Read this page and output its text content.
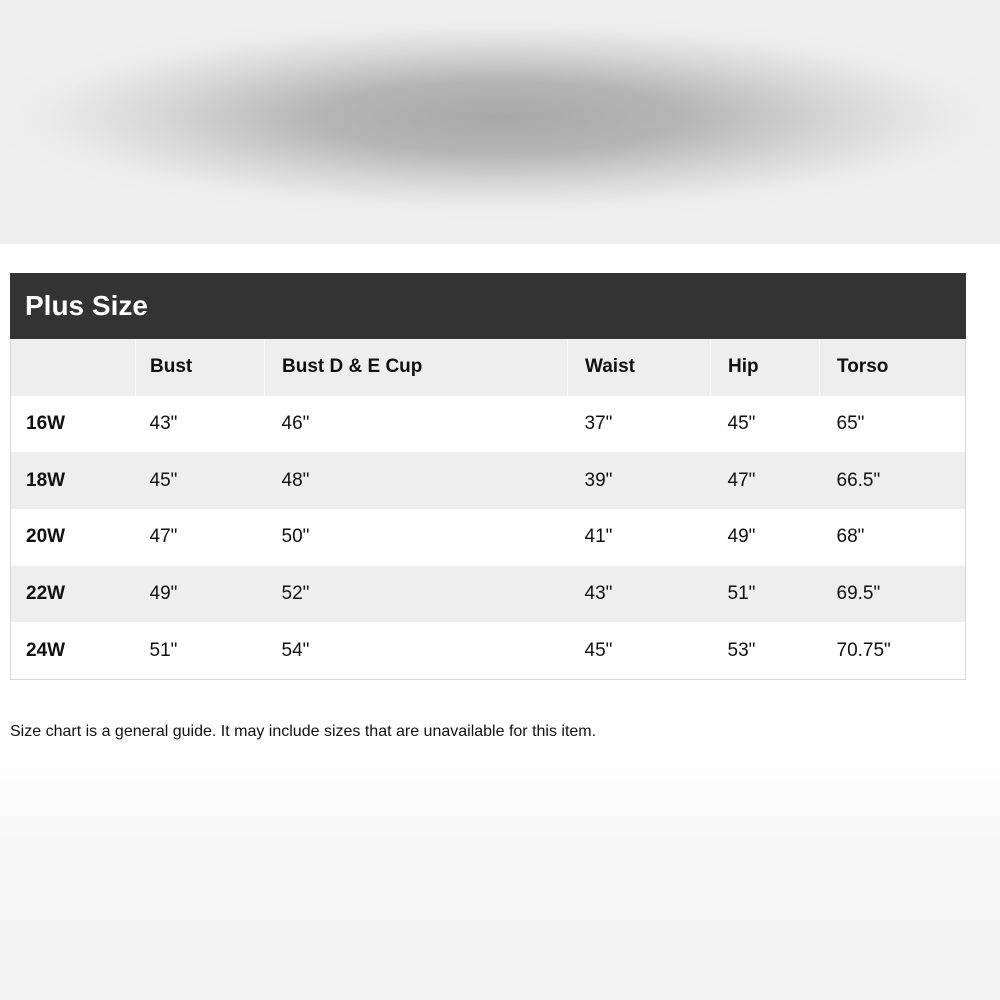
Plus Size
	Bust	Bust D & E Cup	Waist	Hip	Torso
16W	43"	46"	37"	45"	65"
18W	45"	48"	39"	47"	66.5"
20W	47"	50"	41"	49"	68"
22W	49"	52"	43"	51"	69.5"
24W	51"	54"	45"	53"	70.75"
Size chart is a general guide. It may include sizes that are unavailable for this item.
